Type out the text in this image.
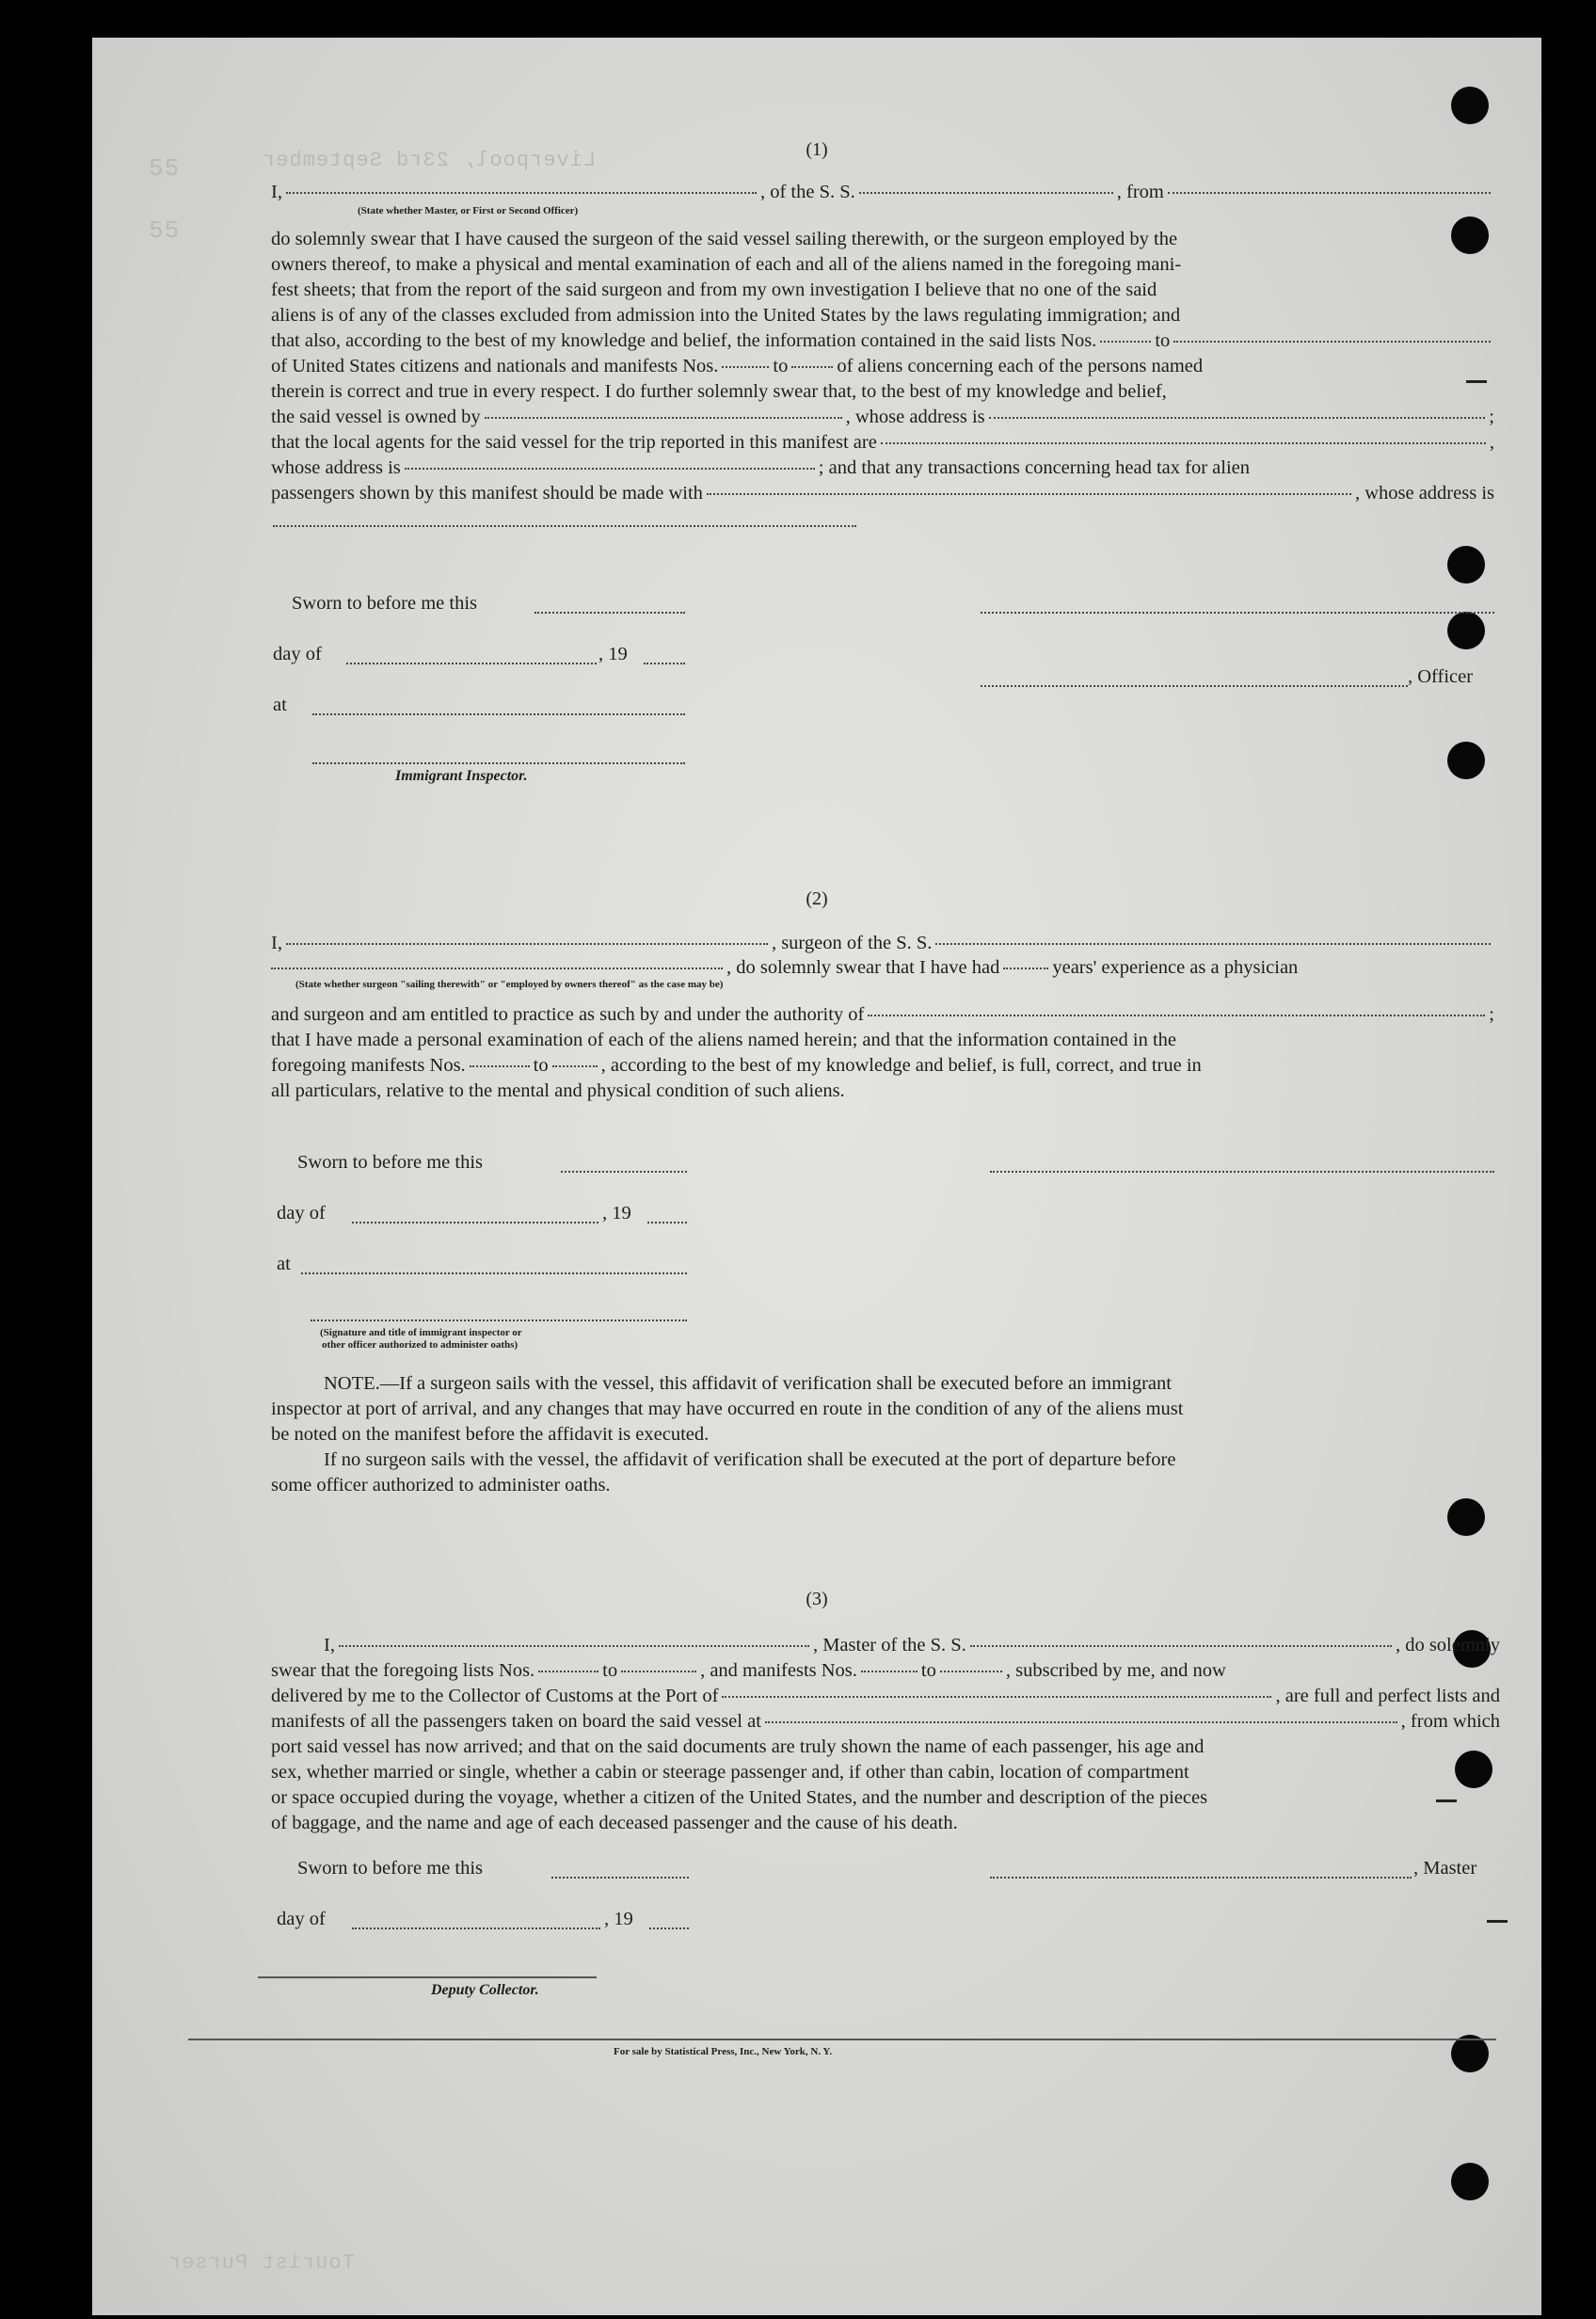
Liverpool, 23rd September
55
55
Tourist Purser
(1)
I,	, of the S. S.	, from
(State whether Master, or First or Second Officer)
do solemnly swear that I have caused the surgeon of the said vessel sailing therewith, or the surgeon employed by the
owners thereof, to make a physical and mental examination of each and all of the aliens named in the foregoing mani-
fest sheets; that from the report of the said surgeon and from my own investigation I believe that no one of the said
aliens is of any of the classes excluded from admission into the United States by the laws regulating immigration; and
that also, according to the best of my knowledge and belief, the information contained in the said lists Nos.	to
of United States citizens and nationals and manifests Nos.	to	of aliens concerning each of the persons named
therein is correct and true in every respect. I do further solemnly swear that, to the best of my knowledge and belief,
the said vessel is owned by	, whose address is	;
that the local agents for the said vessel for the trip reported in this manifest are	,
whose address is	; and that any transactions concerning head tax for alien
passengers shown by this manifest should be made with	, whose address is
Sworn to before me this
day of	, 19
, Officer
at
Immigrant Inspector.
(2)
I,	, surgeon of the S. S.
, do solemnly swear that I have had	years' experience as a physician
(State whether surgeon "sailing therewith" or "employed by owners thereof" as the case may be)
and surgeon and am entitled to practice as such by and under the authority of	;
that I have made a personal examination of each of the aliens named herein; and that the information contained in the
foregoing manifests Nos.	to	, according to the best of my knowledge and belief, is full, correct, and true in
all particulars, relative to the mental and physical condition of such aliens.
Sworn to before me this
day of	, 19
at
(Signature and title of immigrant inspector or
other officer authorized to administer oaths)
NOTE.—If a surgeon sails with the vessel, this affidavit of verification shall be executed before an immigrant
inspector at port of arrival, and any changes that may have occurred en route in the condition of any of the aliens must
be noted on the manifest before the affidavit is executed.
If no surgeon sails with the vessel, the affidavit of verification shall be executed at the port of departure before
some officer authorized to administer oaths.
(3)
I,	, Master of the S. S.	, do solemnly
swear that the foregoing lists Nos.	to	, and manifests Nos.	to	, subscribed by me, and now
delivered by me to the Collector of Customs at the Port of	, are full and perfect lists and
manifests of all the passengers taken on board the said vessel at	, from which
port said vessel has now arrived; and that on the said documents are truly shown the name of each passenger, his age and
sex, whether married or single, whether a cabin or steerage passenger and, if other than cabin, location of compartment
or space occupied during the voyage, whether a citizen of the United States, and the number and description of the pieces
of baggage, and the name and age of each deceased passenger and the cause of his death.
Sworn to before me this	, Master
day of	, 19
Deputy Collector.
For sale by Statistical Press, Inc., New York, N. Y.
